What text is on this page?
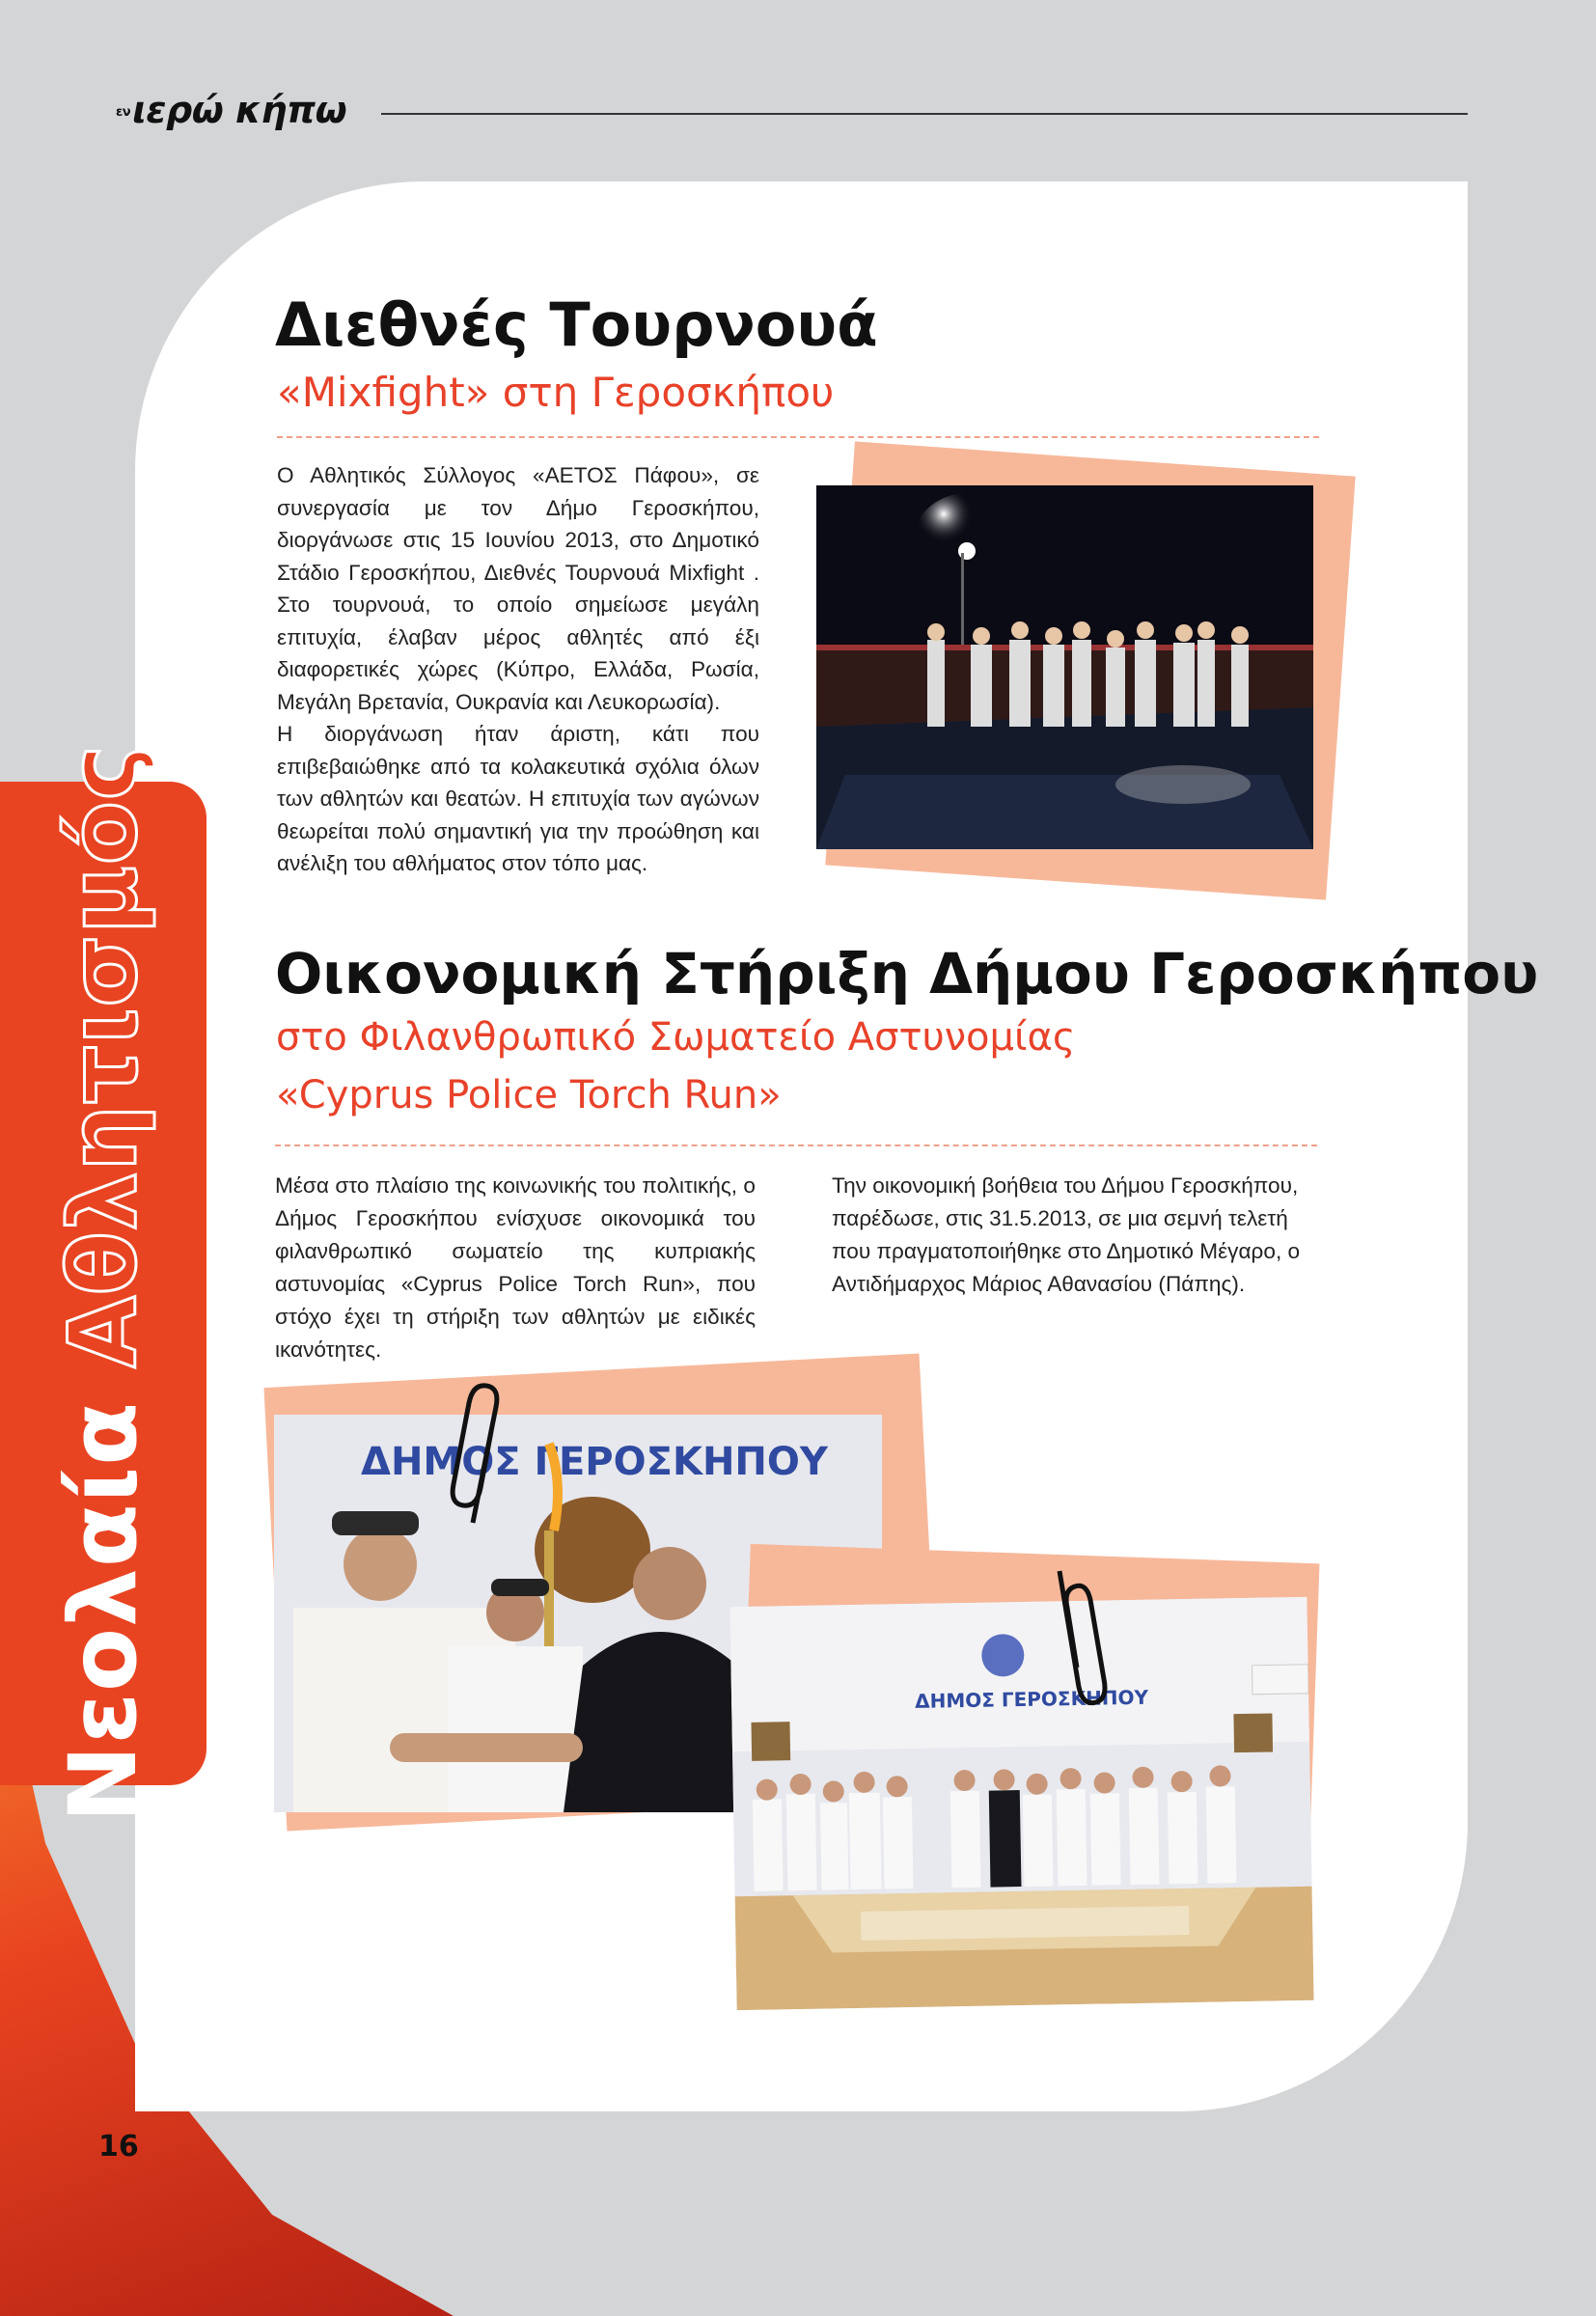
ενιερώ κήπω
Νεολαία Αθλητισμός
Διεθνές Τουρνουά
«Mixfight» στη Γεροσκήπου
Ο Αθλητικός Σύλλογος «ΑΕΤΟΣ Πάφου», σε συνεργασία με τον Δήμο Γεροσκήπου, διοργάνωσε στις 15 Ιουνίου 2013, στο Δημοτικό Στάδιο Γεροσκήπου, Διεθνές Τουρνουά Mixfight . Στο τουρνουά, το οποίο σημείωσε μεγάλη επιτυχία, έλαβαν μέρος αθλητές από έξι διαφορετικές χώρες (Κύπρο, Ελλάδα, Ρωσία, Μεγάλη Βρετανία, Ουκρανία και Λευκορωσία).
Η διοργάνωση ήταν άριστη, κάτι που επιβεβαιώθηκε από τα κολακευτικά σχόλια όλων των αθλητών και θεατών. Η επιτυχία των αγώνων θεωρείται πολύ σημαντική για την προώθηση και ανέλιξη του αθλήματος στον τόπο μας.
Οικονομική Στήριξη Δήμου Γεροσκήπου
στο Φιλανθρωπικό Σωματείο Αστυνομίας
«Cyprus Police Torch Run»
Μέσα στο πλαίσιο της κοινωνικής του πολιτικής, ο Δήμος Γεροσκήπου ενίσχυσε οικονομικά του φιλανθρωπικό σωματείο της κυπριακής αστυνομίας «Cyprus Police Torch Run», που στόχο έχει τη στήριξη των αθλητών με ειδικές ικανότητες.
Την οικονομική βοήθεια του Δήμου Γεροσκήπου, παρέδωσε, στις 31.5.2013, σε μια σεμνή τελετή που πραγματοποιήθηκε στο Δημοτικό Μέγαρο, ο Αντιδήμαρχος Μάριος Αθανασίου (Πάπης).
ΔΗΜΟΣ ΓΕΡΟΣΚΗΠΟΥ
ΔΗΜΟΣ ΓΕΡΟΣΚΗΠΟΥ
16
